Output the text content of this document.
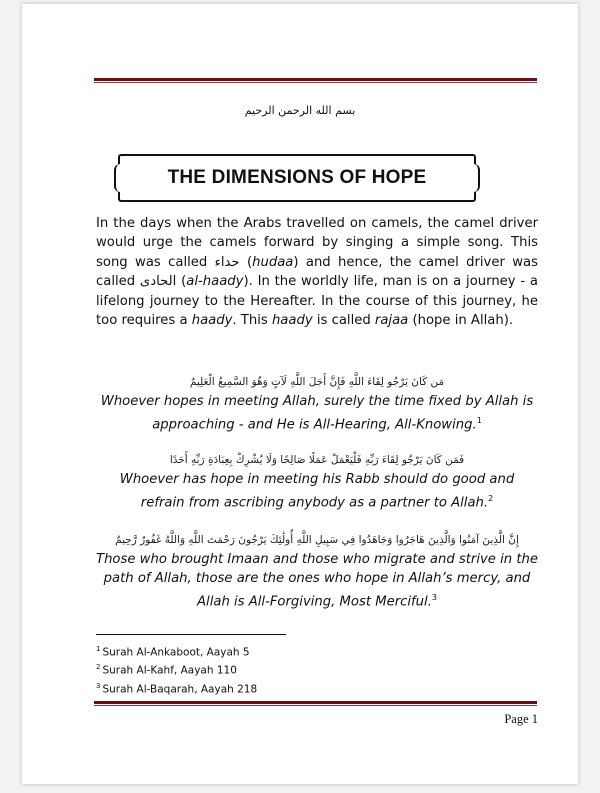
بسم الله الرحمن الرحيم
THE DIMENSIONS OF HOPE

In the days when the Arabs travelled on camels, the camel driver would urge the camels forward by singing a simple song. This song was called حداء (hudaa) and hence, the camel driver was called الحادى (al-haady). In the worldly life, man is on a journey - a lifelong journey to the Hereafter. In the course of this journey, he too requires a haady. This haady is called rajaa (hope in Allah).

مَن كَانَ يَرْجُو لِقَاءَ اللَّهِ فَإِنَّ أَجَلَ اللَّهِ لَآتٍ وَهُوَ السَّمِيعُ الْعَلِيمُ
Whoever hopes in meeting Allah, surely the time fixed by Allah is approaching - and He is All-Hearing, All-Knowing.$^1$
فَمَن كَانَ يَرْجُو لِقَاءَ رَبِّهِ فَلْيَعْمَلْ عَمَلًا صَالِحًا وَلَا يُشْرِكْ بِعِبَادَةِ رَبِّهِ أَحَدًا
Whoever has hope in meeting his Rabb should do good and refrain from ascribing anybody as a partner to Allah.$^2$
إِنَّ الَّذِينَ آمَنُوا وَالَّذِينَ هَاجَرُوا وَجَاهَدُوا فِي سَبِيلِ اللَّهِ أُولَٰئِكَ يَرْجُونَ رَحْمَتَ اللَّهِ وَاللَّهُ غَفُورٌ رَّحِيمٌ
Those who brought Imaan and those who migrate and strive in the path of Allah, those are the ones who hope in Allah’s mercy, and Allah is All-Forgiving, Most Merciful.$^3$
$^1$ Surah Al-Ankaboot, Aayah 5
$^2$ Surah Al-Kahf, Aayah 110
$^3$ Surah Al-Baqarah, Aayah 218
Page 1
